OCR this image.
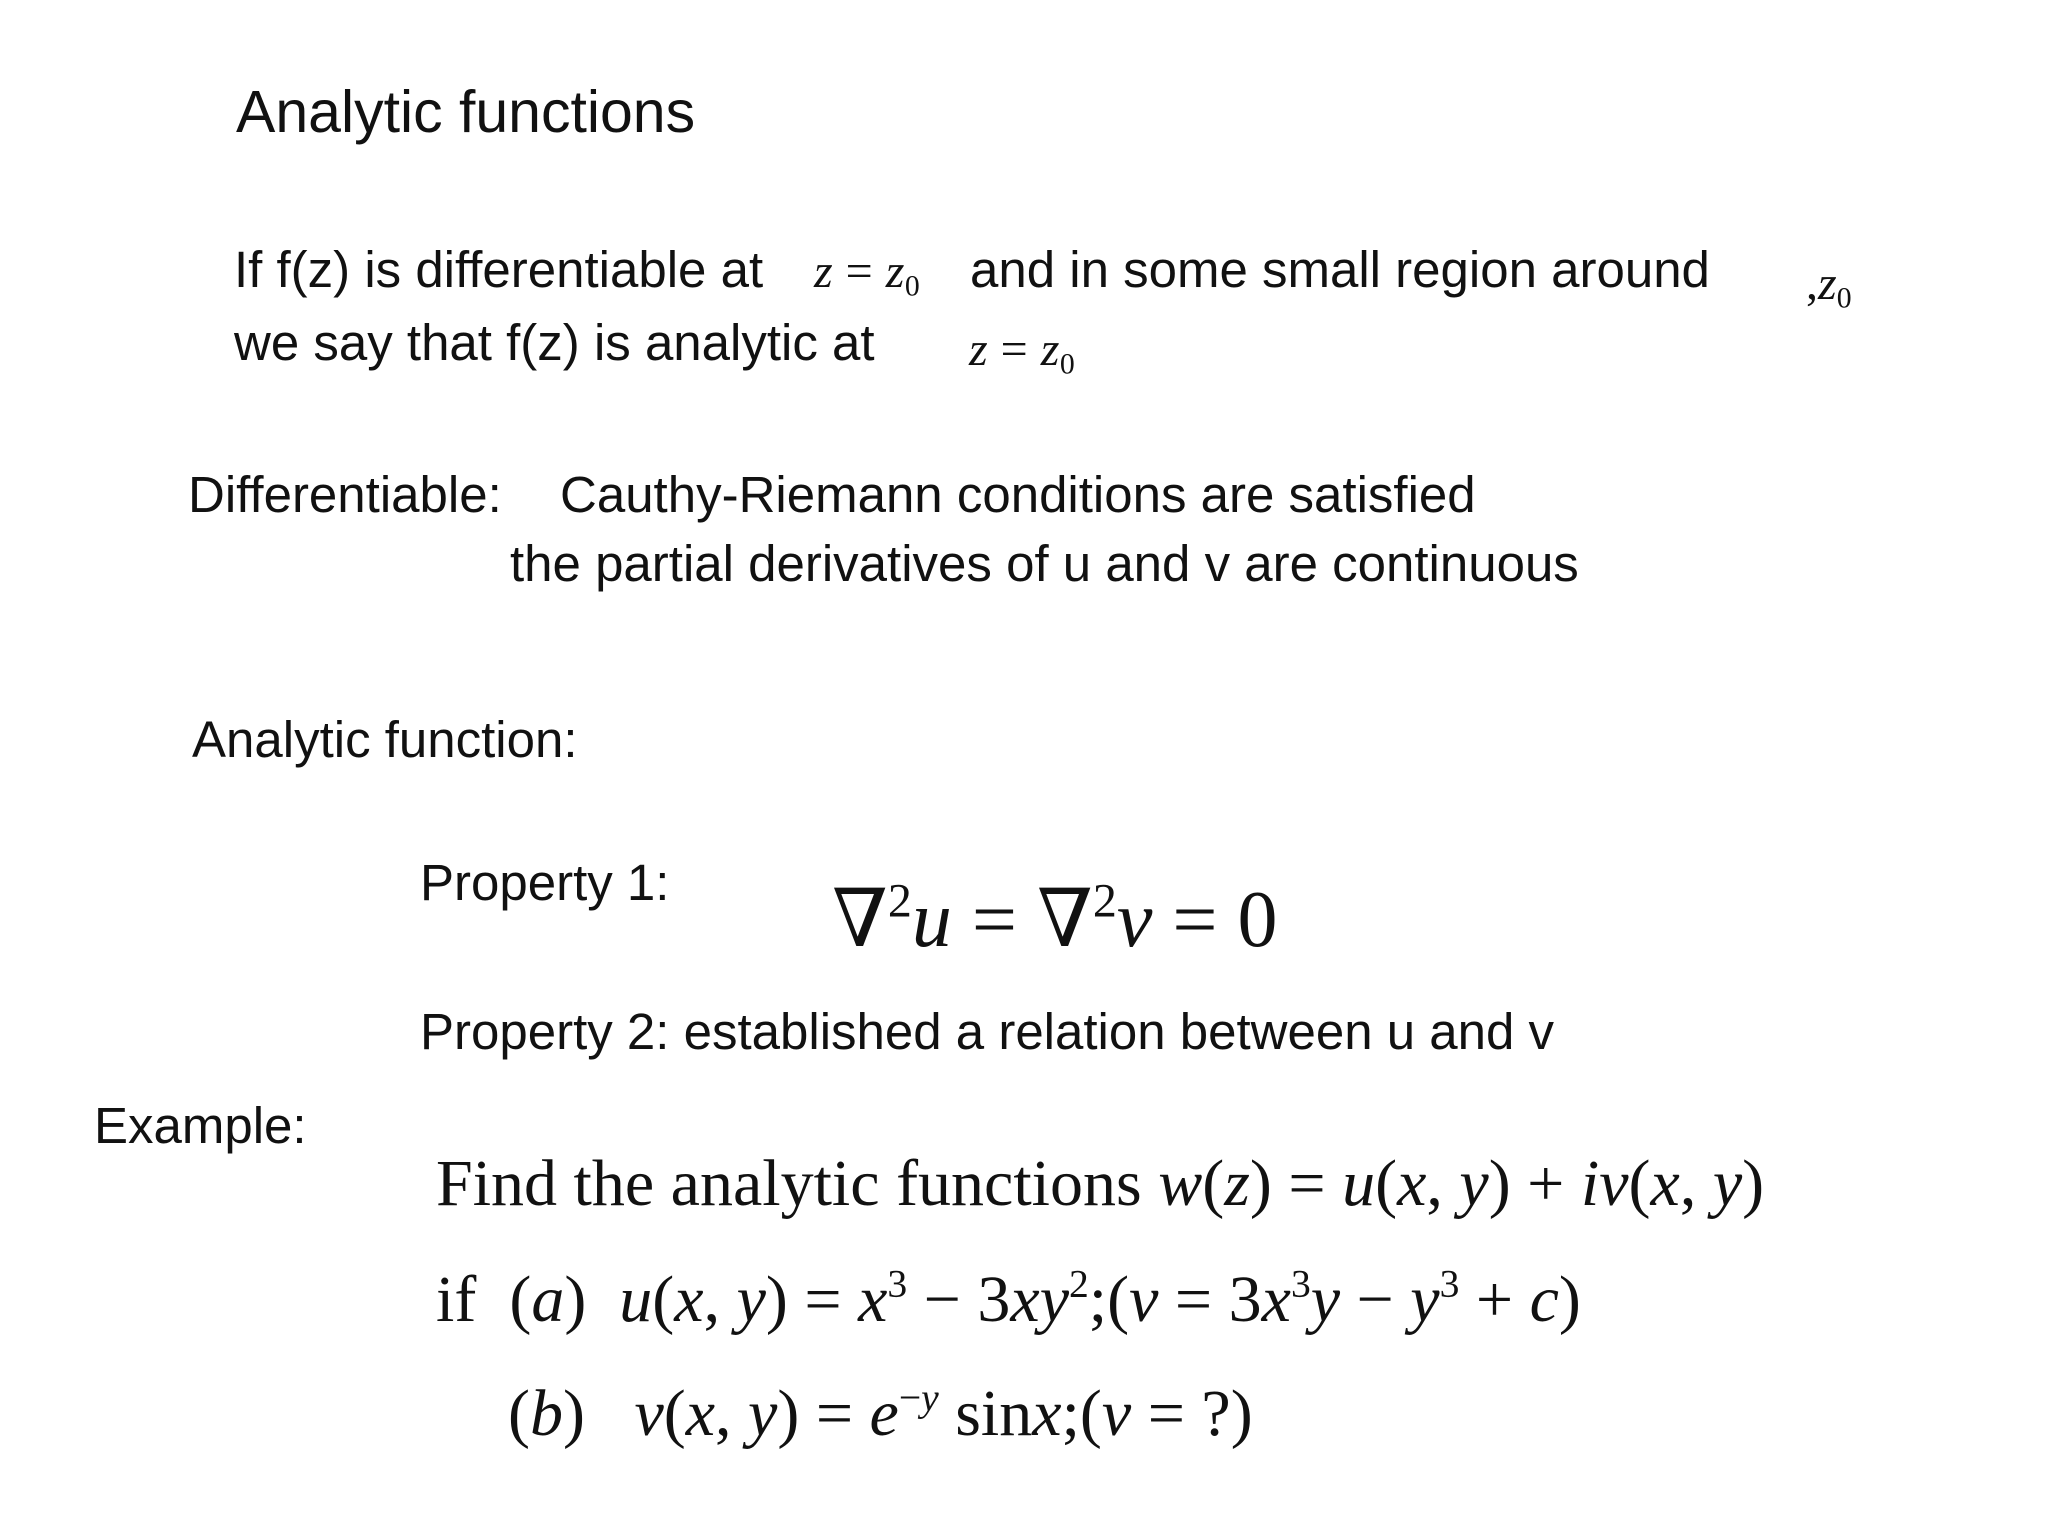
Analytic functions
If f(z) is differentiable at $z = z_0$ and in some small region around $,z_0$
we say that f(z) is analytic at $z = z_0$
Differentiable: Cauthy-Riemann conditions are satisfied
the partial derivatives of u and v are continuous
Analytic function:
Property 1: ∇$^2$u = ∇$^2$v = 0
Property 2: established a relation between u and v
Example:
Find the analytic functions w(z) = u(x, y) + iv(x, y)
if  (a)  u(x, $y) = x^3$ − $3xy^2;(v = 3x^3y - y^3 + c)$
(b)   v(x, $y) = e^{-y}$ sinx;(v = ?)
